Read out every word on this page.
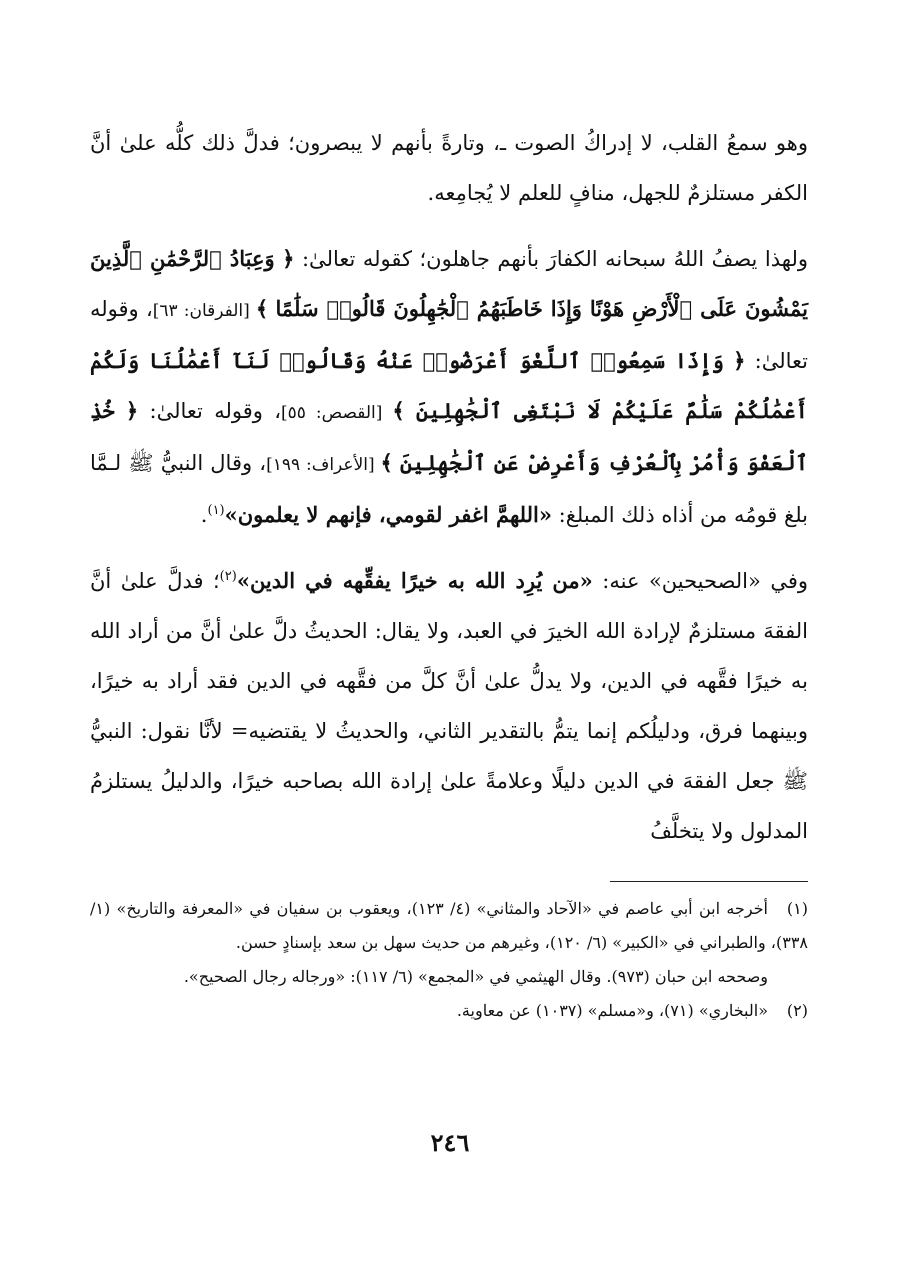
وهو سمعُ القلب، لا إدراكُ الصوت ـ، وتارةً بأنهم لا يبصرون؛ فدلَّ ذلك كلُّه علىٰ أنَّ الكفر مستلزمٌ للجهل، منافٍ للعلم لا يُجامِعه.

ولهذا يصفُ اللهُ سبحانه الكفارَ بأنهم جاهلون؛ كقوله تعالىٰ: ﴿ وَعِبَادُ ٱلرَّحْمَٰنِ ٱلَّذِينَ يَمْشُونَ عَلَى ٱلْأَرْضِ هَوْنًا وَإِذَا خَاطَبَهُمُ ٱلْجَٰهِلُونَ قَالُوا۟ سَلَٰمًا ﴾ [الفرقان: ٦٣]، وقوله تعالىٰ: ﴿ وَإِذَا سَمِعُوا۟ ٱللَّغْوَ أَعْرَضُوا۟ عَنْهُ وَقَالُوا۟ لَنَآ أَعْمَٰلُنَا وَلَكُمْ أَعْمَٰلُكُمْ سَلَٰمٌ عَلَيْكُمْ لَا نَبْتَغِى ٱلْجَٰهِلِينَ ﴾ [القصص: ٥٥]، وقوله تعالىٰ: ﴿ خُذِ ٱلْعَفْوَ وَأْمُرْ بِٱلْعُرْفِ وَأَعْرِضْ عَنِ ٱلْجَٰهِلِينَ ﴾ [الأعراف: ١٩٩]، وقال النبيُّ ﷺ لـمَّا بلغ قومُه من أذاه ذلك المبلغ: «اللهمَّ اغفر لقومي، فإنهم لا يعلمون»$^{(١)}$.

وفي «الصحيحين» عنه: «من يُرِد الله به خيرًا يفقِّهه في الدين»$^{(٢)}$؛ فدلَّ علىٰ أنَّ الفقهَ مستلزمٌ لإرادة الله الخيرَ في العبد، ولا يقال: الحديثُ دلَّ علىٰ أنَّ من أراد الله به خيرًا فقَّهه في الدين، ولا يدلُّ علىٰ أنَّ كلَّ من فقَّهه في الدين فقد أراد به خيرًا، وبينهما فرق، ودليلُكم إنما يتمُّ بالتقدير الثاني، والحديثُ لا يقتضيه= لأنَّا نقول: النبيُّ ﷺ جعل الفقهَ في الدين دليلًا وعلامةً علىٰ إرادة الله بصاحبه خيرًا، والدليلُ يستلزمُ المدلول ولا يتخلَّفُ

(١)أخرجه ابن أبي عاصم في «الآحاد والمثاني» (٤/ ١٢٣)، ويعقوب بن سفيان في «المعرفة والتاريخ» (١/ ٣٣٨)، والطبراني في «الكبير» (٦/ ١٢٠)، وغيرهم من حديث سهل بن سعد بإسنادٍ حسن.

وصححه ابن حبان (٩٧٣). وقال الهيثمي في «المجمع» (٦/ ١١٧): «ورجاله رجال الصحيح».

(٢)«البخاري» (٧١)، و«مسلم» (١٠٣٧) عن معاوية.

٢٤٦
